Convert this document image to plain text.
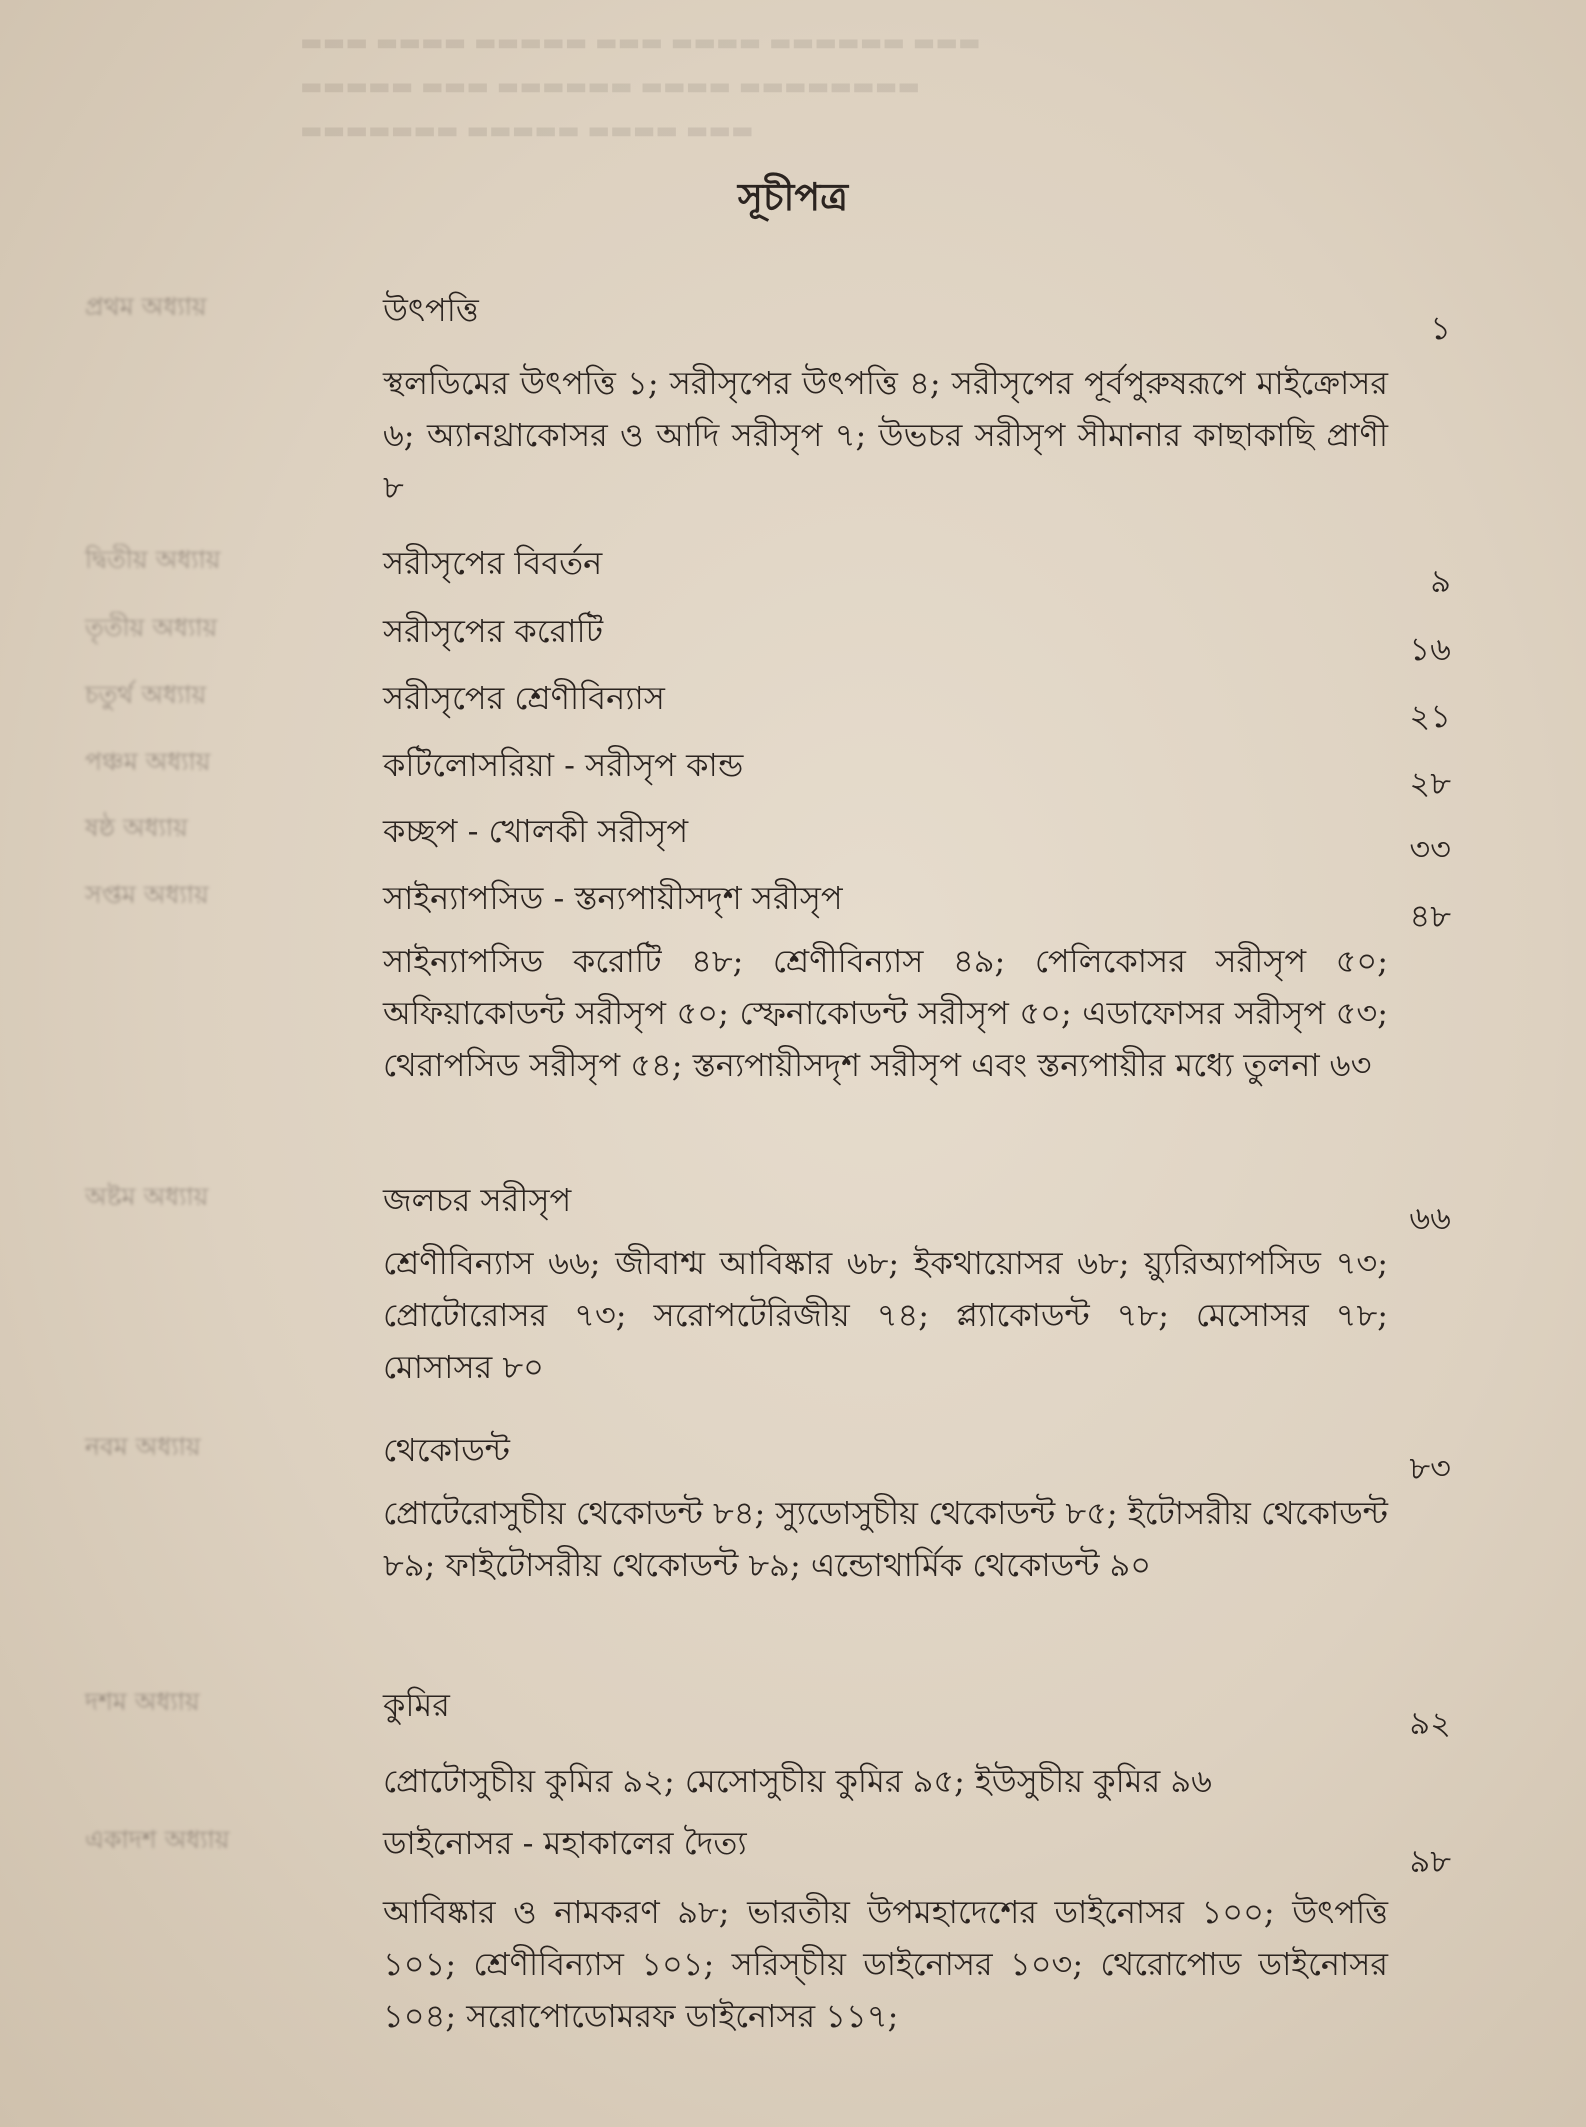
▬▬▬ ▬▬▬▬ ▬▬▬▬▬ ▬▬▬ ▬▬▬▬ ▬▬▬▬▬▬ ▬▬▬
▬▬▬▬▬ ▬▬▬ ▬▬▬▬▬▬ ▬▬▬▬ ▬▬▬▬▬▬▬▬
▬▬▬▬▬▬▬ ▬▬▬▬▬ ▬▬▬▬ ▬▬▬
সূচীপত্র
প্রথম অধ্যায়	উৎপত্তি	১
স্থলডিমের উৎপত্তি ১; সরীসৃপের উৎপত্তি ৪; সরীসৃপের পূর্বপুরুষরূপে মাইক্রোসর ৬; অ্যানথ্রাকোসর ও আদি সরীসৃপ ৭; উভচর সরীসৃপ সীমানার কাছাকাছি প্রাণী ৮
দ্বিতীয় অধ্যায়	সরীসৃপের বিবর্তন	৯
তৃতীয় অধ্যায়	সরীসৃপের করোটি	১৬
চতুর্থ অধ্যায়	সরীসৃপের শ্রেণীবিন্যাস	২১
পঞ্চম অধ্যায়	কটিলোসরিয়া - সরীসৃপ কান্ড	২৮
ষষ্ঠ অধ্যায়	কচ্ছপ - খোলকী সরীসৃপ	৩৩
সপ্তম অধ্যায়	সাইন্যাপসিড - স্তন্যপায়ীসদৃশ সরীসৃপ	৪৮
সাইন্যাপসিড করোটি ৪৮; শ্রেণীবিন্যাস ৪৯; পেলিকোসর সরীসৃপ ৫০; অফিয়াকোডন্ট সরীসৃপ ৫০; স্ফেনাকোডন্ট সরীসৃপ ৫০; এডাফোসর সরীসৃপ ৫৩; থেরাপসিড সরীসৃপ ৫৪; স্তন্যপায়ীসদৃশ সরীসৃপ এবং স্তন্যপায়ীর মধ্যে তুলনা ৬৩
অষ্টম অধ্যায়	জলচর সরীসৃপ	৬৬
শ্রেণীবিন্যাস ৬৬; জীবাশ্ম আবিষ্কার ৬৮; ইকথায়োসর ৬৮; য়্যুরিঅ্যাপসিড ৭৩; প্রোটোরোসর ৭৩; সরোপটেরিজীয় ৭৪; প্ল্যাকোডন্ট ৭৮; মেসোসর ৭৮; মোসাসর ৮০
নবম অধ্যায়	থেকোডন্ট	৮৩
প্রোটেরোসুচীয় থেকোডন্ট ৮৪; স্যুডোসুচীয় থেকোডন্ট ৮৫; ইটোসরীয় থেকোডন্ট ৮৯; ফাইটোসরীয় থেকোডন্ট ৮৯; এন্ডোথার্মিক থেকোডন্ট ৯০
দশম অধ্যায়	কুমির	৯২
প্রোটোসুচীয় কুমির ৯২; মেসোসুচীয় কুমির ৯৫; ইউসুচীয় কুমির ৯৬
একাদশ অধ্যায়	ডাইনোসর - মহাকালের দৈত্য	৯৮
আবিষ্কার ও নামকরণ ৯৮; ভারতীয় উপমহাদেশের ডাইনোসর ১০০; উৎপত্তি ১০১; শ্রেণীবিন্যাস ১০১; সরিস্চীয় ডাইনোসর ১০৩; থেরোপোড ডাইনোসর ১০৪; সরোপোডোমরফ ডাইনোসর ১১৭;
